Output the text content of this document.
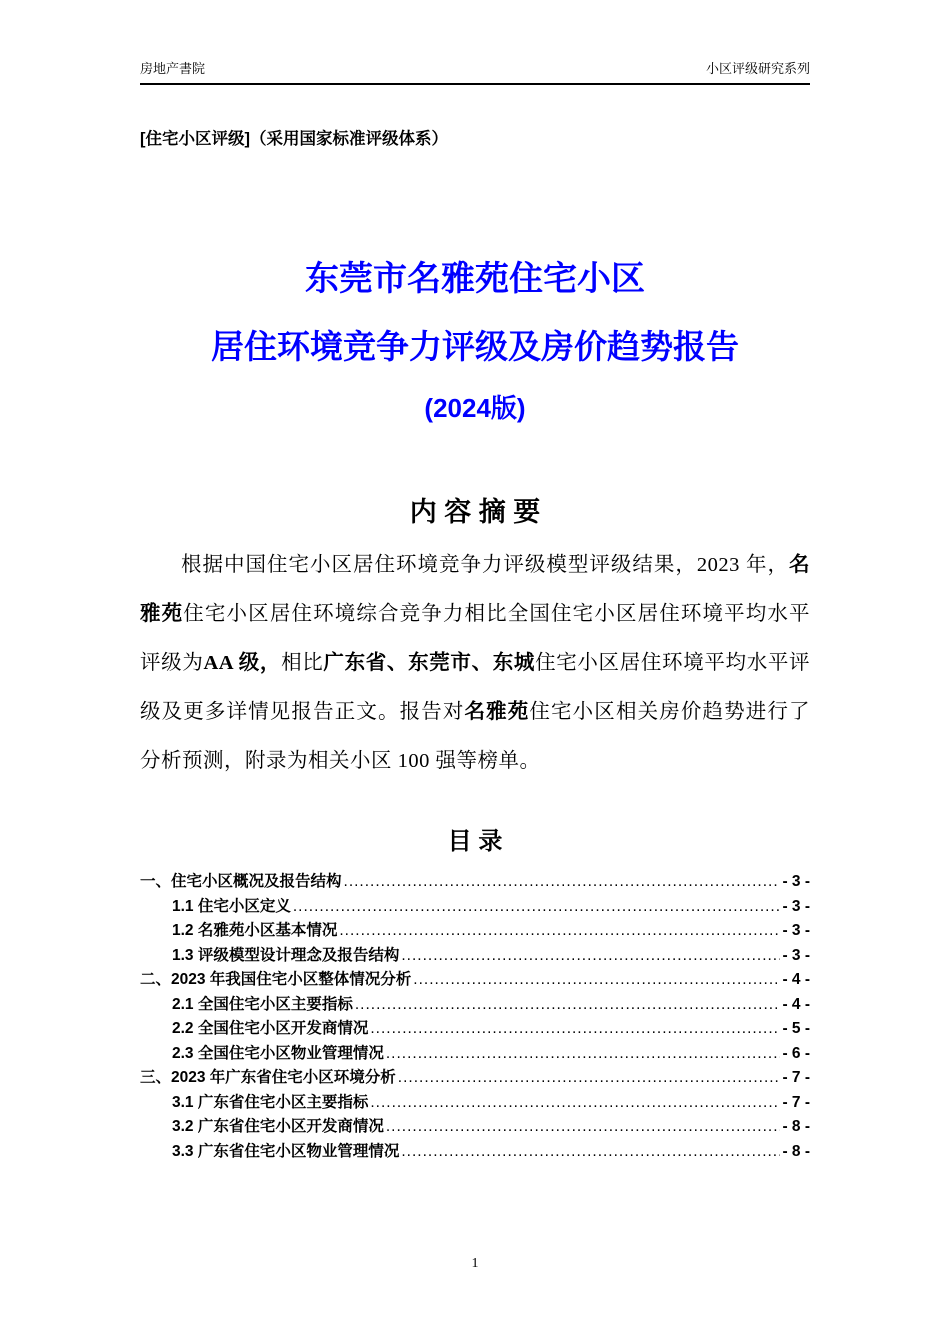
房地产書院	小区评级研究系列
[住宅小区评级]（采用国家标准评级体系）
东莞市名雅苑住宅小区
居住环境竞争力评级及房价趋势报告
(2024版)
内 容 摘 要

根据中国住宅小区居住环境竞争力评级模型评级结果，2023 年，名雅苑住宅小区居住环境综合竞争力相比全国住宅小区居住环境平均水平评级为AA 级，相比广东省、东莞市、东城住宅小区居住环境平均水平评级及更多详情见报告正文。报告对名雅苑住宅小区相关房价趋势进行了分析预测，附录为相关小区 100 强等榜单。

目 录
一、住宅小区概况及报告结构 .....	- 3 -
1.1 住宅小区定义 .....	- 3 -
1.2 名雅苑小区基本情况 .....	- 3 -
1.3 评级模型设计理念及报告结构 .....	- 3 -
二、2023 年我国住宅小区整体情况分析 .....	- 4 -
2.1 全国住宅小区主要指标 .....	- 4 -
2.2 全国住宅小区开发商情况 .....	- 5 -
2.3 全国住宅小区物业管理情况 .....	- 6 -
三、2023 年广东省住宅小区环境分析 .....	- 7 -
3.1 广东省住宅小区主要指标 .....	- 7 -
3.2 广东省住宅小区开发商情况 .....	- 8 -
3.3 广东省住宅小区物业管理情况 .....	- 8 -
1
